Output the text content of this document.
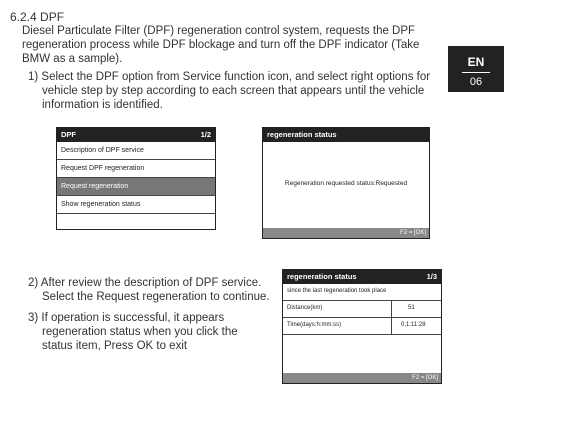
6.2.4 DPF
Diesel Particulate Filter (DPF) regeneration control system, requests the DPF
regeneration process while DPF blockage and turn off the DPF indicator (Take
BMW as a sample).
1) Select the DPF option from Service function icon, and select right options for
vehicle step by step according to each screen that appears until the vehicle
information is identified.
EN
06
DPF	1/2
Description of DPF service
Request DPF regeneration
Request regeneration
Show regeneration status
regeneration status
Regeneration requested status:Requested
F2 = [OK]
regeneration status	1/3
since the last regeneration took place
Distance(km)	51
Time(days:h:mm:ss)	0,1:11:28
F2 = [OK]
2) After review the description of DPF service.
Select the Request regeneration to continue.
3) If operation is successful, it appears
regeneration status when you click the
status item, Press OK to exit
